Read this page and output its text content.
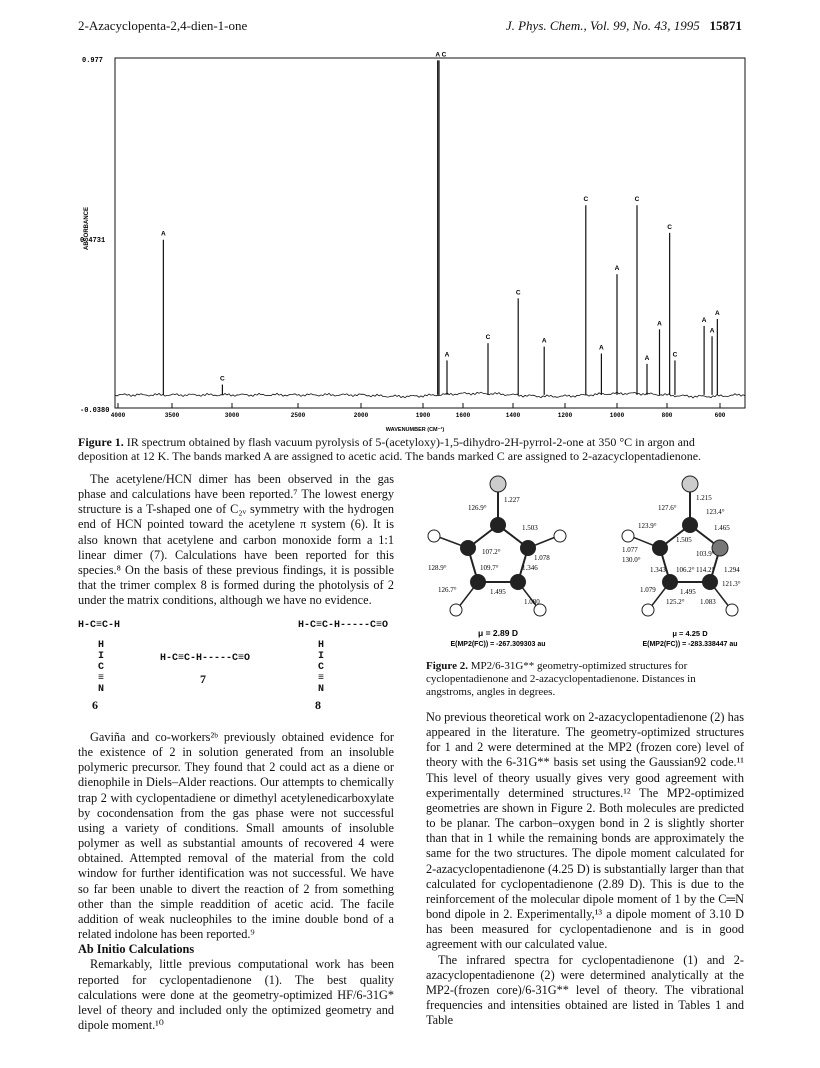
2-Azacyclopenta-2,4-dien-1-one	J. Phys. Chem., Vol. 99, No. 43, 1995 15871
0.977
0.4731
-0.0380
ABSORBANCE
4000	3500	3000	2500	2000	1900	1600	1400	1200	1000	800	600
WAVENUMBER (CM⁻¹)
A
C
A C
A
C
C
A
C
A
A
C
A
A
C
C
A
A
A
Figure 1. IR spectrum obtained by flash vacuum pyrolysis of 5-(acetyloxy)-1,5-dihydro-2H-pyrrol-2-one at 350 °C in argon and deposition at 12 K. The bands marked A are assigned to acetic acid. The bands marked C are assigned to 2-azacyclopentadienone.

The acetylene/HCN dimer has been observed in the gas phase and calculations have been reported.⁷ The lowest energy structure is a T-shaped one of C₂ᵥ symmetry with the hydrogen end of HCN pointed toward the acetylene π system (6). It is also known that acetylene and carbon monoxide form a 1:1 linear dimer (7). Calculations have been reported for this species.⁸ On the basis of these previous findings, it is possible that the trimer complex 8 is formed during the photolysis of 2 under the matrix conditions, although we have no evidence.

H-C≡C-H
H
I
C
≡
N
6
H-C≡C-H-----C≡O
7
H-C≡C-H-----C≡O
H
I
C
≡
N
8

Gaviña and co-workers²ᵇ previously obtained evidence for the existence of 2 in solution generated from an insoluble polymeric precursor. They found that 2 could act as a diene or dienophile in Diels–Alder reactions. Our attempts to chemically trap 2 with cyclopentadiene or dimethyl acetylenedicarboxylate by cocondensation from the gas phase were not successful using a variety of conditions. Small amounts of insoluble polymer as well as substantial amounts of recovered 4 were obtained. Attempted removal of the material from the cold window for further identification was not successful. We have so far been unable to divert the reaction of 2 from something other than the simple readdition of acetic acid. The facile addition of weak nucleophiles to the imine double bond of a related indolone has been reported.⁹

Ab Initio Calculations

Remarkably, little previous computational work has been reported for cyclopentadienone (1). The best quality calculations were done at the geometry-optimized HF/6-31G* level of theory and included only the optimized geometry and dipole moment.¹⁰

1.227
126.9°
1.503
107.2°
1.078
128.9°	109.7°	1.346
126.7°	1.495
1.080
μ = 2.89 D
E(MP2(FC)) = -267.309303 au
1.215
127.6°	123.4°
123.9°	1.465
1.505
1.077	103.9°
130.0°
1.343 106.2° 114.2° 1.294
121.3°
1.079	1.495
125.2° 1.083
μ = 4.25 D
E(MP2(FC)) = -283.338447 au
Figure 2. MP2/6-31G** geometry-optimized structures for cyclopentadienone and 2-azacyclopentadienone. Distances in angstroms, angles in degrees.

No previous theoretical work on 2-azacyclopentadienone (2) has appeared in the literature. The geometry-optimized structures for 1 and 2 were determined at the MP2 (frozen core) level of theory with the 6-31G** basis set using the Gaussian92 code.¹¹ This level of theory usually gives very good agreement with experimentally determined structures.¹² The MP2-optimized geometries are shown in Figure 2. Both molecules are predicted to be planar. The carbon–oxygen bond in 2 is slightly shorter than that in 1 while the remaining bonds are approximately the same for the two structures. The dipole moment calculated for 2-azacyclopentadienone (4.25 D) is substantially larger than that calculated for cyclopentadienone (2.89 D). This is due to the reinforcement of the molecular dipole moment of 1 by the C═N bond dipole in 2. Experimentally,¹³ a dipole moment of 3.10 D has been measured for cyclopentadienone and is in good agreement with our calculated value.

The infrared spectra for cyclopentadienone (1) and 2-azacyclopentadienone (2) were determined analytically at the MP2-(frozen core)/6-31G** level of theory. The vibrational frequencies and intensities obtained are listed in Tables 1 and Table
